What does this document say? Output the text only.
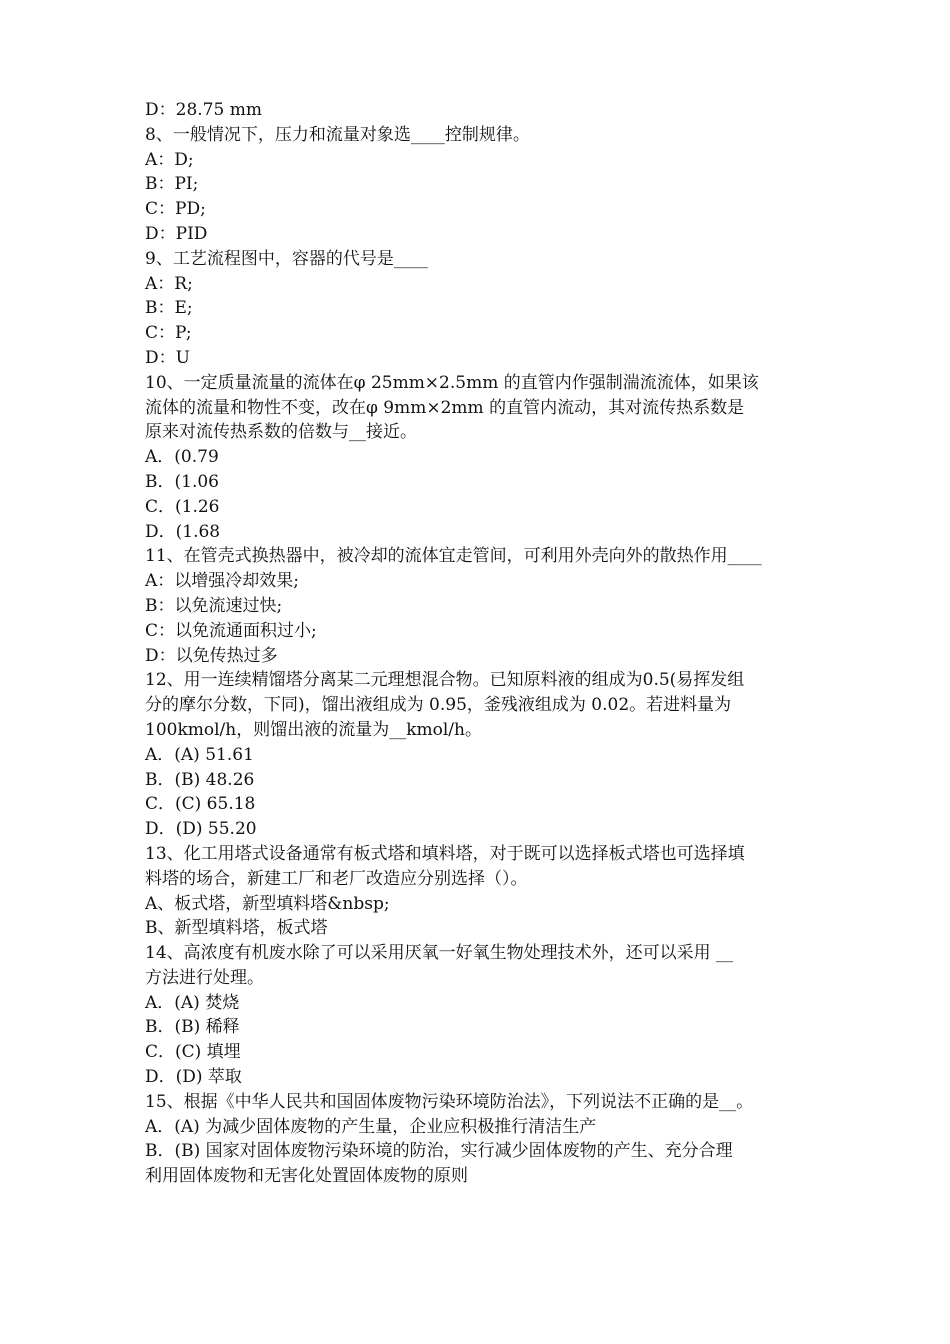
D：28.75 mm
8、一般情况下，压力和流量对象选____控制规律。
A：D;
B：PI;
C：PD;
D：PID
9、工艺流程图中，容器的代号是____
A：R;
B：E;
C：P;
D：U
10、一定质量流量的流体在φ 25mm×2.5mm 的直管内作强制湍流流体，如果该
流体的流量和物性不变，改在φ 9mm×2mm 的直管内流动，其对流传热系数是
原来对流传热系数的倍数与__接近。
A．(0.79
B．(1.06
C．(1.26
D．(1.68
11、在管壳式换热器中，被冷却的流体宜走管间，可利用外壳向外的散热作用____
A：以增强冷却效果;
B：以免流速过快;
C：以免流通面积过小;
D：以免传热过多
12、用一连续精馏塔分离某二元理想混合物。已知原料液的组成为0.5(易挥发组
分的摩尔分数，下同)，馏出液组成为 0.95，釜残液组成为 0.02。若进料量为
100kmol/h，则馏出液的流量为__kmol/h。
A．(A) 51.61
B．(B) 48.26
C．(C) 65.18
D．(D) 55.20
13、化工用塔式设备通常有板式塔和填料塔，对于既可以选择板式塔也可选择填
料塔的场合，新建工厂和老厂改造应分别选择（）。
A、板式塔，新型填料塔&nbsp;
B、新型填料塔，板式塔
14、高浓度有机废水除了可以采用厌氧一好氧生物处理技术外，还可以采用 __
方法进行处理。
A．(A) 焚烧
B．(B) 稀释
C．(C) 填埋
D．(D) 萃取
15、根据《中华人民共和国固体废物污染环境防治法》，下列说法不正确的是__。
A．(A) 为减少固体废物的产生量，企业应积极推行清洁生产
B．(B) 国家对固体废物污染环境的防治，实行减少固体废物的产生、充分合理
利用固体废物和无害化处置固体废物的原则
